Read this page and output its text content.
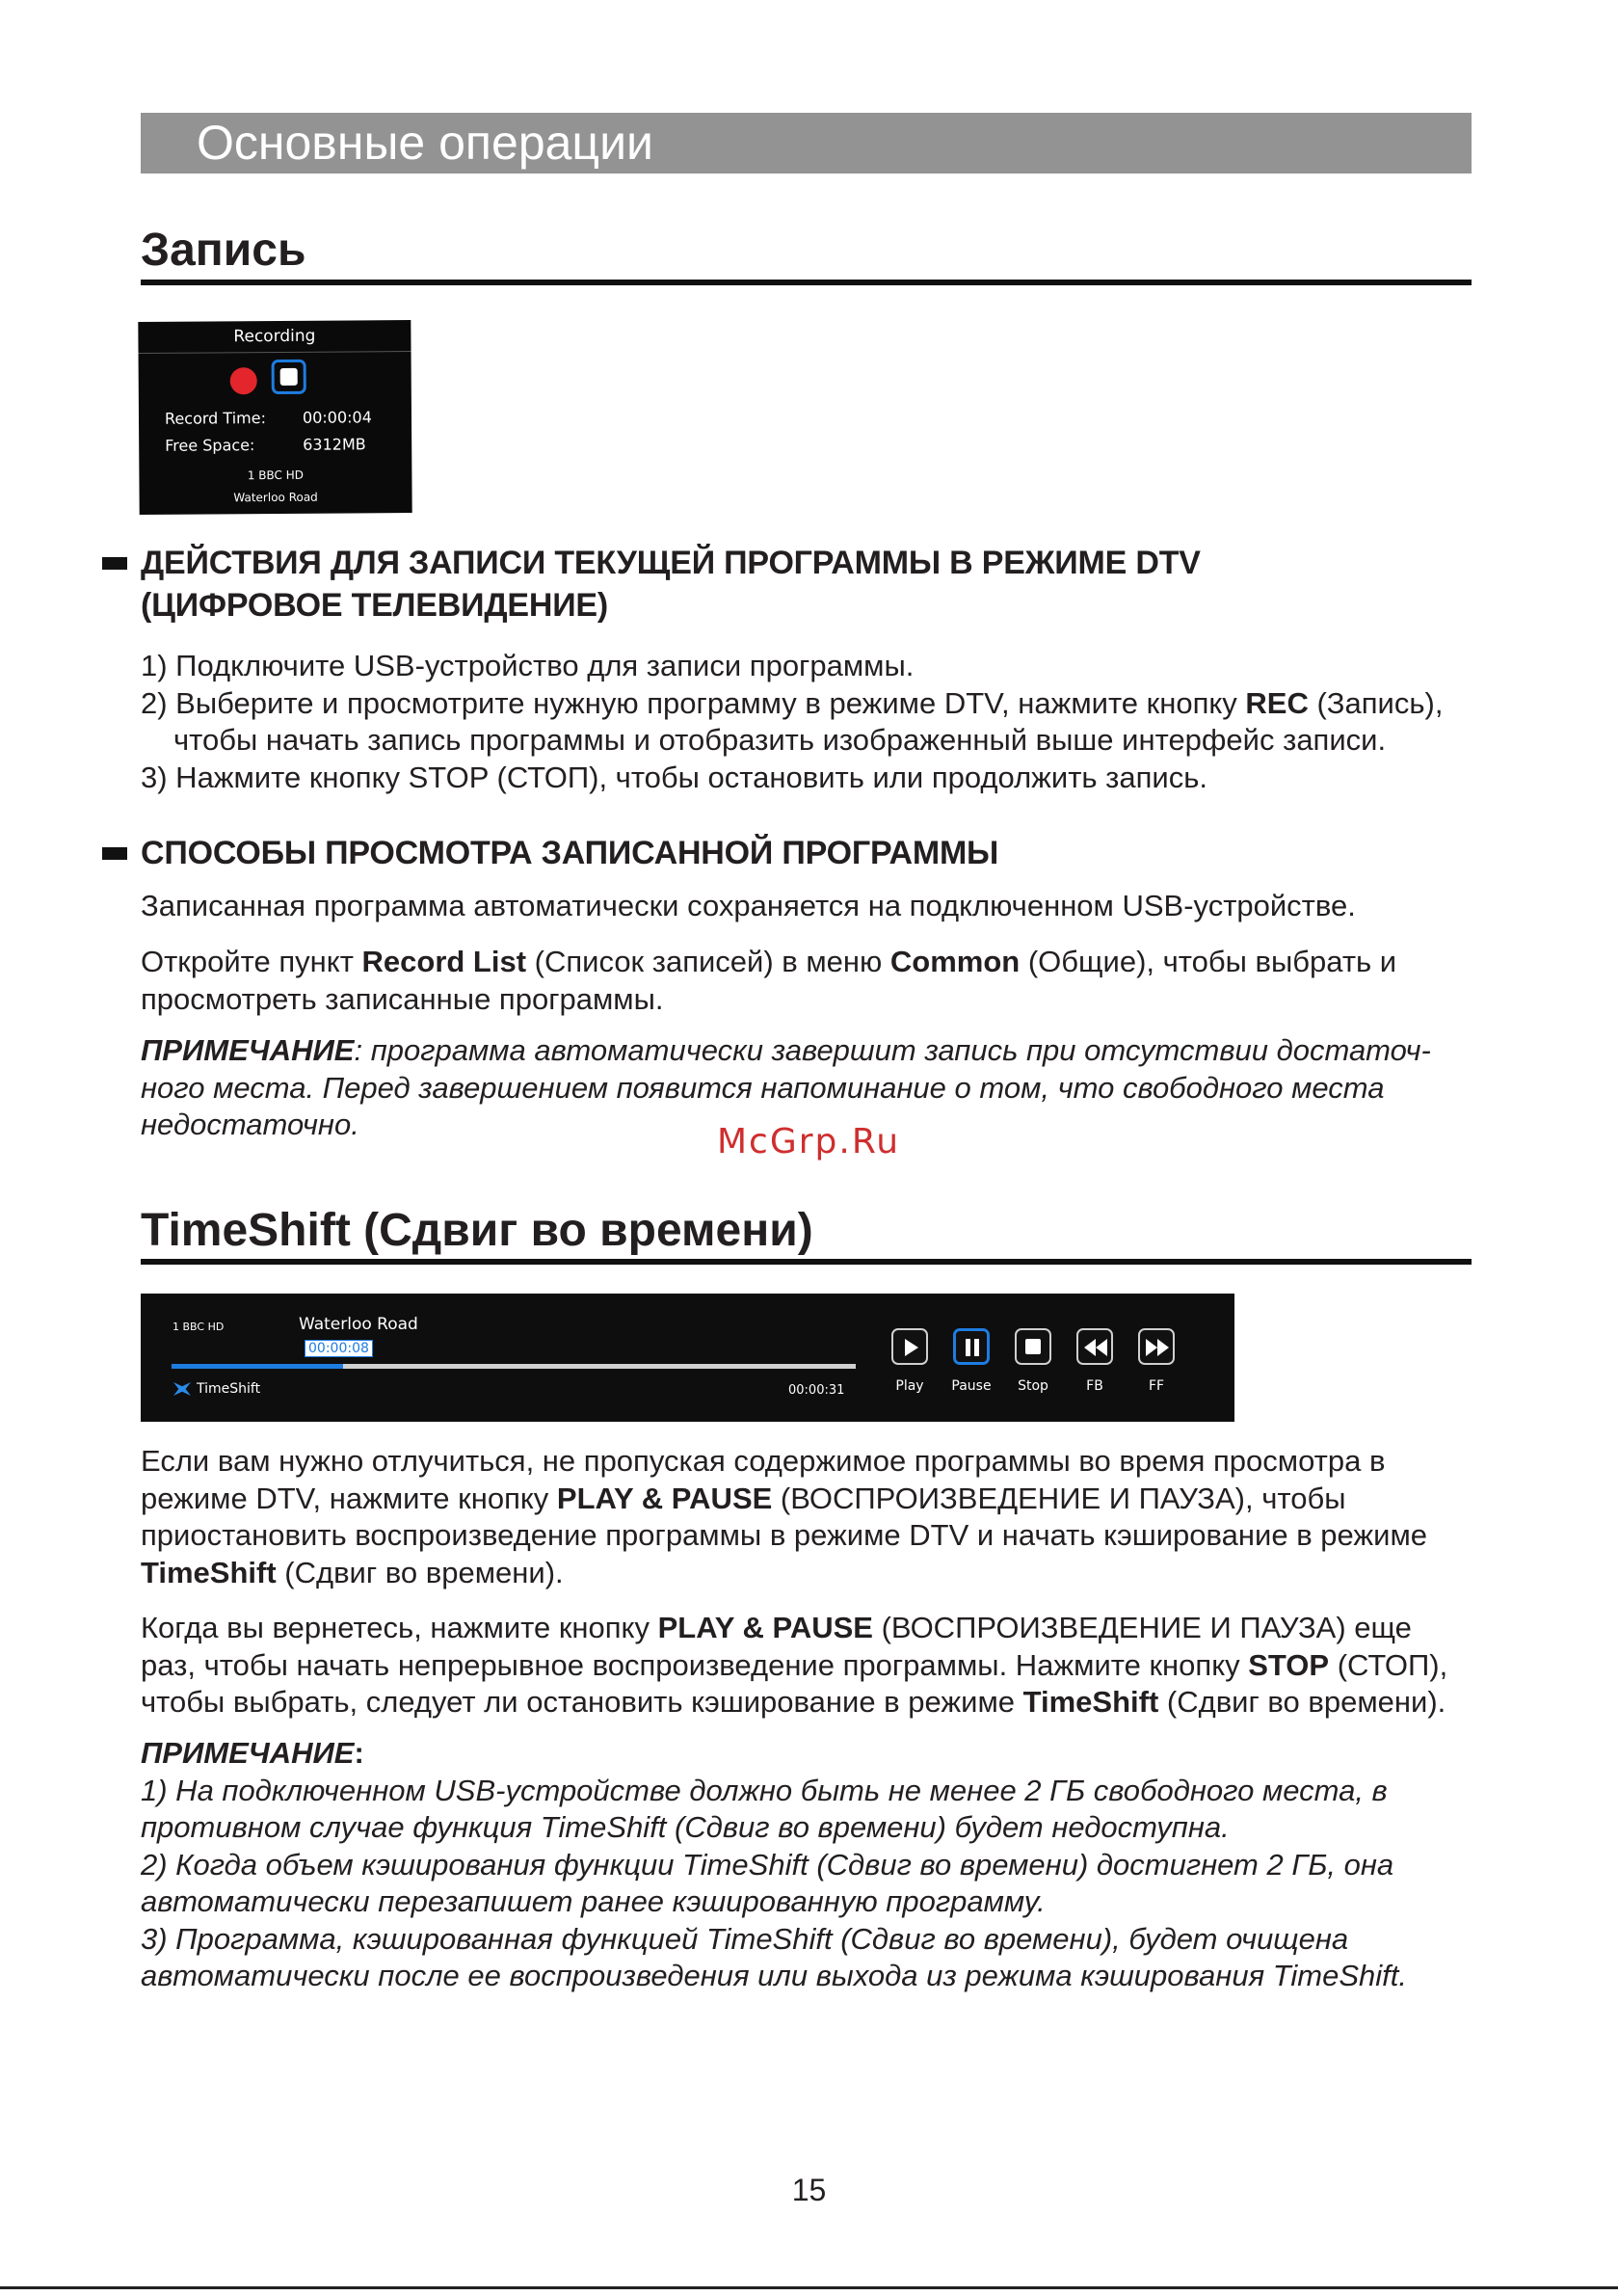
Основные операции
Запись
Recording
Record Time: 00:00:04
Free Space:	6312MB
1 BBC HD
Waterloo Road
ДЕЙСТВИЯ ДЛЯ ЗАПИСИ ТЕКУЩЕЙ ПРОГРАММЫ В РЕЖИМЕ DTV
(ЦИФРОВОЕ ТЕЛЕВИДЕНИЕ)
1) Подключите USB-устройство для записи программы.
2) Выберите и просмотрите нужную программу в режиме DTV, нажмите кнопку REC (Запись),
чтобы начать запись программы и отобразить изображенный выше интерфейс записи.
3) Нажмите кнопку STOP (СТОП), чтобы остановить или продолжить запись.
СПОСОБЫ ПРОСМОТРА ЗАПИСАННОЙ ПРОГРАММЫ
Записанная программа автоматически сохраняется на подключенном USB-устройстве.
Откройте пункт Record List (Список записей) в меню Common (Общие), чтобы выбрать и
просмотреть записанные программы.
ПРИМЕЧАНИЕ: программа автоматически завершит запись при отсутствии достаточ-
ного места. Перед завершением появится напоминание о том, что свободного места
недостаточно.	McGrp.Ru
TimeShift (Сдвиг во времени)
1 BBC HD	Waterloo Road
00:00:08
TimeShift	00:00:31	Play	Pause	Stop	FB	FF
Если вам нужно отлучиться, не пропуская содержимое программы во время просмотра в
режиме DTV, нажмите кнопку PLAY & PAUSE (ВОСПРОИЗВЕДЕНИЕ И ПАУЗА), чтобы
приостановить воспроизведение программы в режиме DTV и начать кэширование в режиме
TimeShift (Сдвиг во времени).
Когда вы вернетесь, нажмите кнопку PLAY & PAUSE (ВОСПРОИЗВЕДЕНИЕ И ПАУЗА) еще
раз, чтобы начать непрерывное воспроизведение программы. Нажмите кнопку STOP (СТОП),
чтобы выбрать, следует ли остановить кэширование в режиме TimeShift (Сдвиг во времени).
ПРИМЕЧАНИЕ:
1) На подключенном USB-устройстве должно быть не менее 2 ГБ свободного места, в
противном случае функция TimeShift (Сдвиг во времени) будет недоступна.
2) Когда объем кэширования функции TimeShift (Сдвиг во времени) достигнет 2 ГБ, она
автоматически перезапишет ранее кэшированную программу.
3) Программа, кэшированная функцией TimeShift (Сдвиг во времени), будет очищена
автоматически после ее воспроизведения или выхода из режима кэширования TimeShift.
15
